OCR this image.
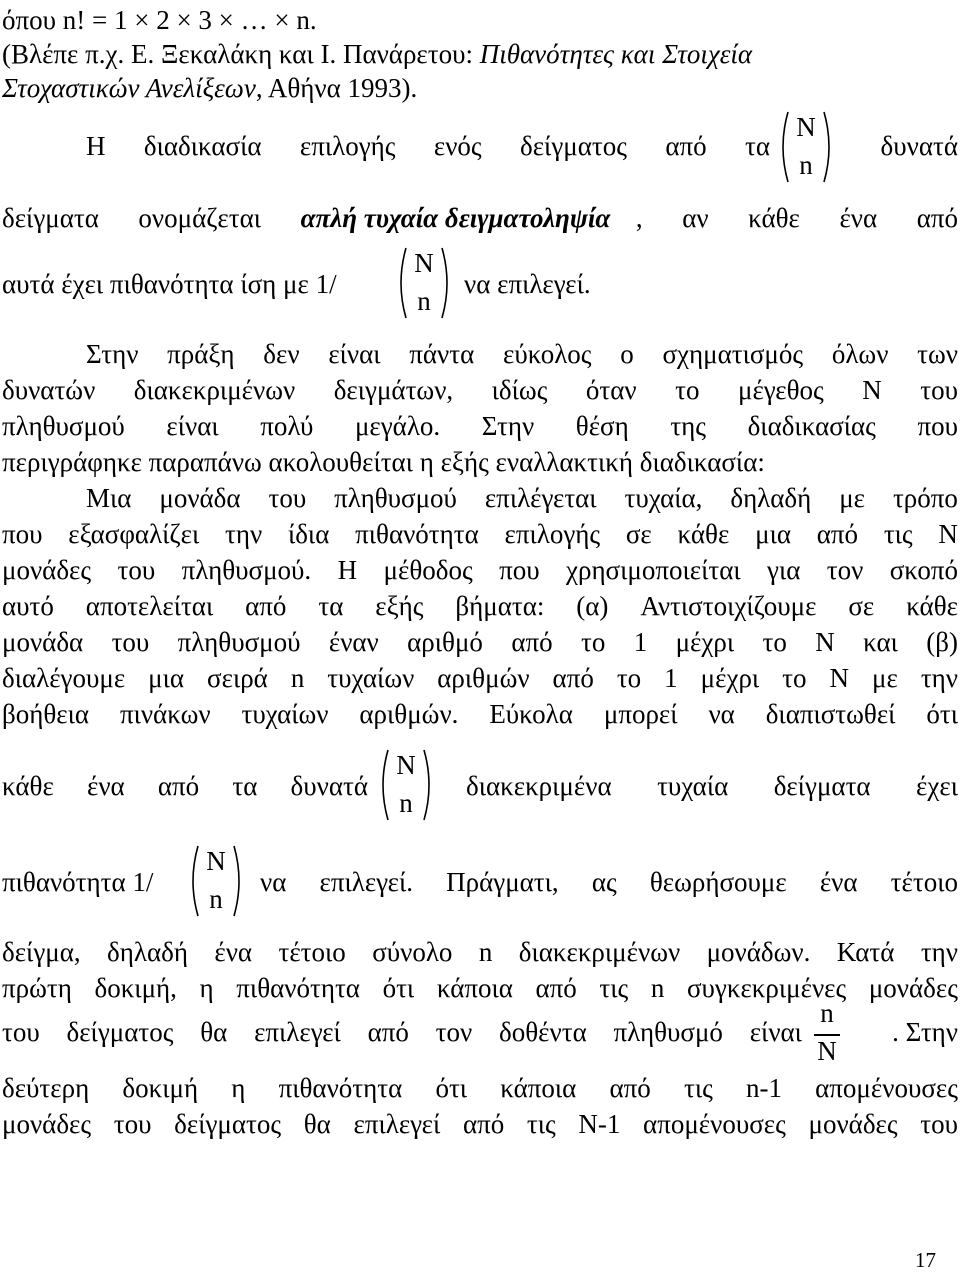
όπου n! = 1 × 2 × 3 × … × n.
(Βλέπε π.χ. Ε. Ξεκαλάκη και Ι. Πανάρετου: Πιθανότητες και Στοιχεία
Στοχαστικών Ανελίξεων, Αθήνα 1993).
Η διαδικασία επιλογής ενός δείγματος από τα
N
n
δυνατά
δείγματα ονομάζεται απλή τυχαία δειγματοληψία , αν κάθε ένα από
αυτά έχει πιθανότητα ίση με 1/
N
n
να επιλεγεί.
Στην πράξη δεν είναι πάντα εύκολος ο σχηματισμός όλων των
δυνατών διακεκριμένων δειγμάτων, ιδίως όταν το μέγεθος Ν του
πληθυσμού είναι πολύ μεγάλο. Στην θέση της διαδικασίας που
περιγράφηκε παραπάνω ακολουθείται η εξής εναλλακτική διαδικασία:
Μια μονάδα του πληθυσμού επιλέγεται τυχαία, δηλαδή με τρόπο
που εξασφαλίζει την ίδια πιθανότητα επιλογής σε κάθε μια από τις Ν
μονάδες του πληθυσμού. Η μέθοδος που χρησιμοποιείται για τον σκοπό
αυτό αποτελείται από τα εξής βήματα: (α) Αντιστοιχίζουμε σε κάθε
μονάδα του πληθυσμού έναν αριθμό από το 1 μέχρι το Ν και (β)
διαλέγουμε μια σειρά n τυχαίων αριθμών από το 1 μέχρι το Ν με την
βοήθεια πινάκων τυχαίων αριθμών. Εύκολα μπορεί να διαπιστωθεί ότι
κάθε ένα από τα δυνατά
N
n
διακεκριμένα τυχαία δείγματα έχει
πιθανότητα 1/
N
n
να επιλεγεί. Πράγματι, ας θεωρήσουμε ένα τέτοιο
δείγμα, δηλαδή ένα τέτοιο σύνολο n διακεκριμένων μονάδων. Κατά την
πρώτη δοκιμή, η πιθανότητα ότι κάποια από τις n συγκεκριμένες μονάδες
του δείγματος θα επιλεγεί από τον δοθέντα πληθυσμό είναι
n
N
. Στην
δεύτερη δοκιμή η πιθανότητα ότι κάποια από τις n-1 απομένουσες
μονάδες του δείγματος θα επιλεγεί από τις Ν-1 απομένουσες μονάδες του
17
